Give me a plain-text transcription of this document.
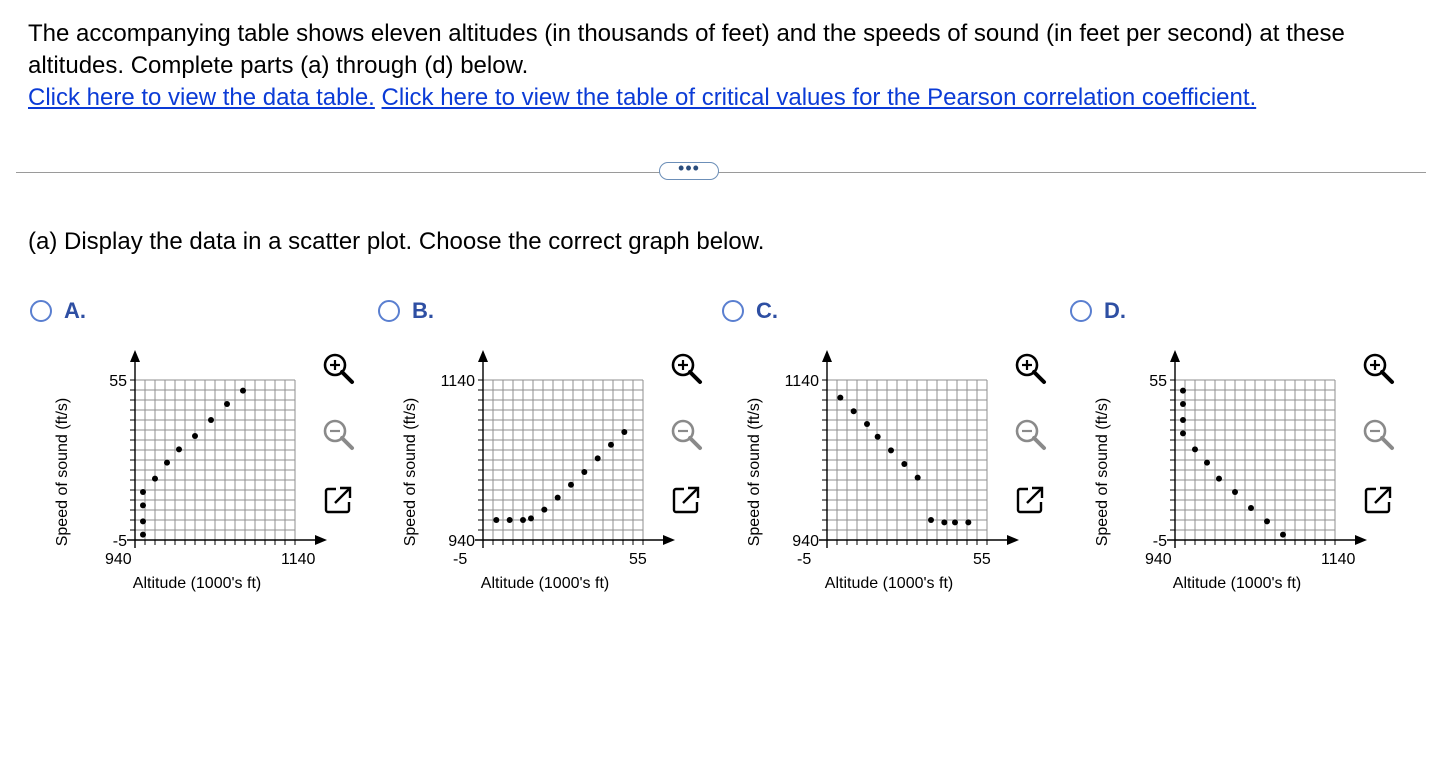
The accompanying table shows eleven altitudes (in thousands of feet) and the speeds of sound (in feet per second) at these altitudes. Complete parts (a) through (d) below.

Click here to view the data table. Click here to view the table of critical values for the Pearson correlation coefficient.

•••
(a) Display the data in a scatter plot. Choose the correct graph below.
A.
-5
55
940	1140
Altitude (1000's ft)
Speed of sound (ft/s)
B.
940
1140
-5	55
Altitude (1000's ft)
Speed of sound (ft/s)
C.
940
1140
-5	55
Altitude (1000's ft)
Speed of sound (ft/s)
D.
-5
55
940	1140
Altitude (1000's ft)
Speed of sound (ft/s)
